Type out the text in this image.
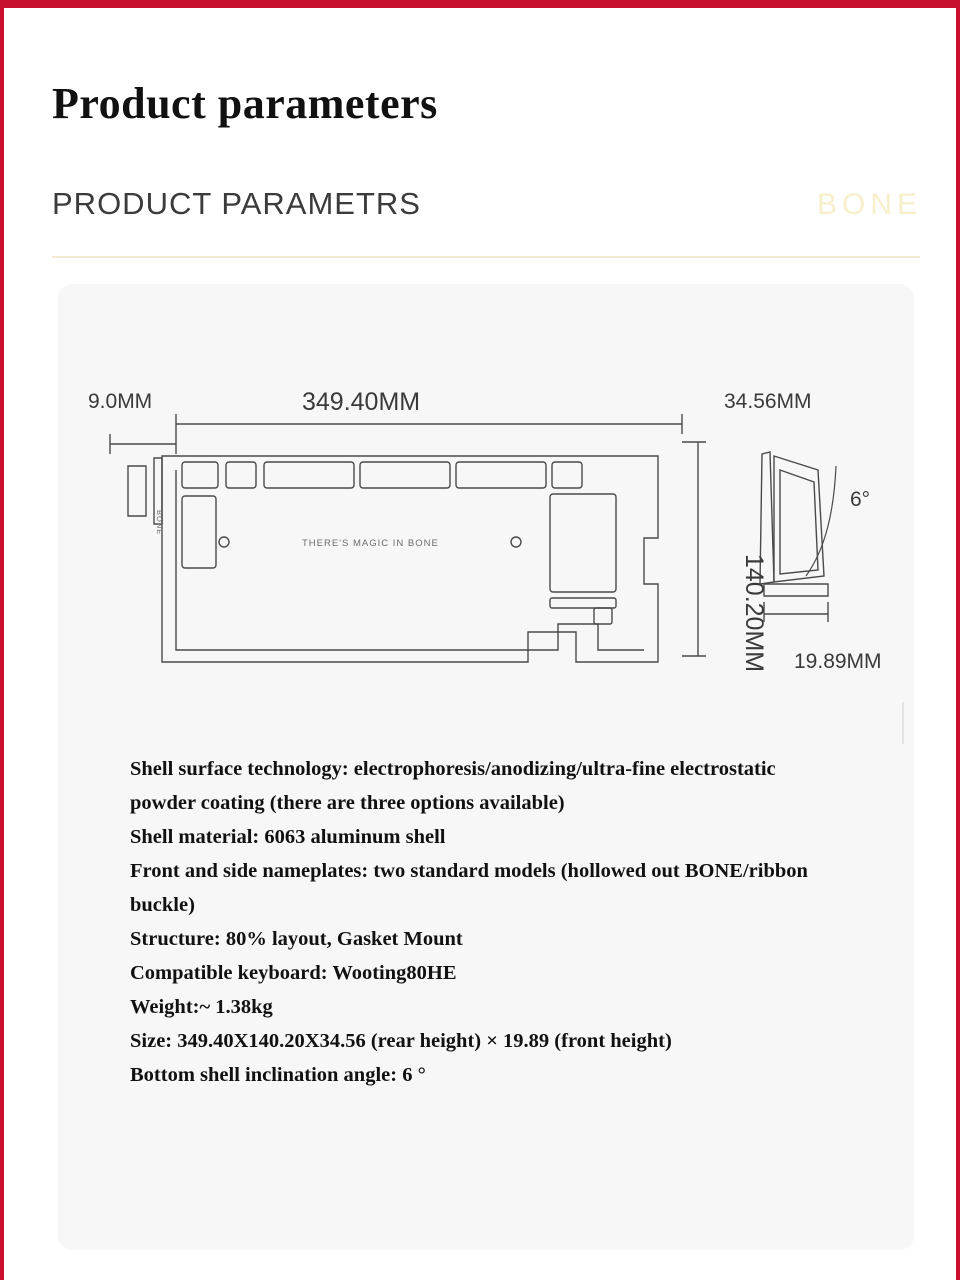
Product parameters
PRODUCT PARAMETRS	BONE
9.0MM	349.40MM	34.56MM
19.89MM
6°
140.20MM
THERE'S MAGIC IN BONE
BONE

Shell surface technology: electrophoresis/anodizing/ultra-fine electrostatic powder coating (there are three options available)

Shell material: 6063 aluminum shell

Front and side nameplates: two standard models (hollowed out BONE/ribbon buckle)

Structure: 80% layout, Gasket Mount

Compatible keyboard: Wooting80HE

Weight:~ 1.38kg

Size: 349.40X140.20X34.56 (rear height) × 19.89 (front height)

Bottom shell inclination angle: 6 °
